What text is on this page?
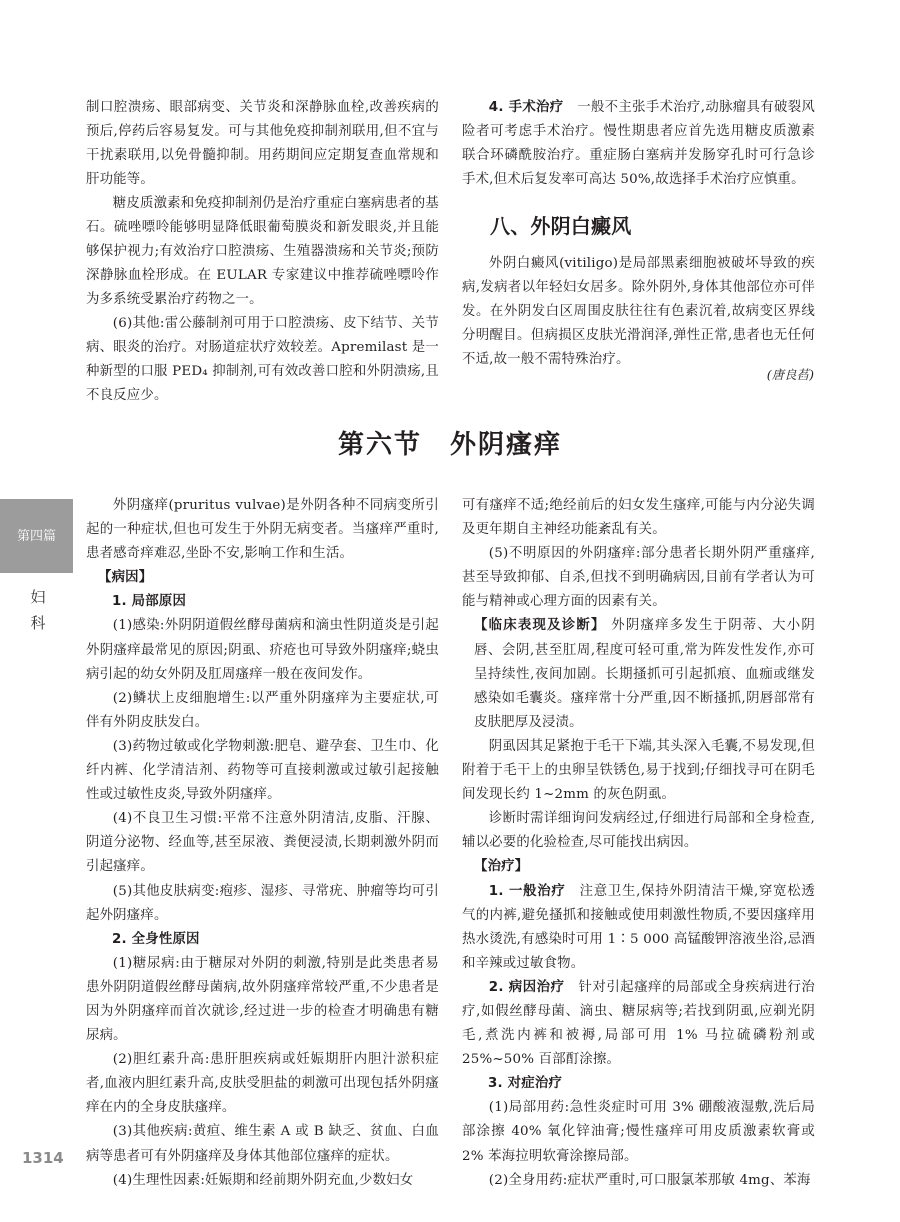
制口腔溃疡、眼部病变、关节炎和深静脉血栓,改善疾病的预后,停药后容易复发。可与其他免疫抑制剂联用,但不宜与干扰素联用,以免骨髓抑制。用药期间应定期复查血常规和肝功能等。

糖皮质激素和免疫抑制剂仍是治疗重症白塞病患者的基石。硫唑嘌呤能够明显降低眼葡萄膜炎和新发眼炎,并且能够保护视力;有效治疗口腔溃疡、生殖器溃疡和关节炎;预防深静脉血栓形成。在 EULAR 专家建议中推荐硫唑嘌呤作为多系统受累治疗药物之一。

(6)其他:雷公藤制剂可用于口腔溃疡、皮下结节、关节病、眼炎的治疗。对肠道症状疗效较差。Apremilast 是一种新型的口服 PED₄ 抑制剂,可有效改善口腔和外阴溃疡,且不良反应少。

4. 手术治疗　 一般不主张手术治疗,动脉瘤具有破裂风险者可考虑手术治疗。慢性期患者应首先选用糖皮质激素联合环磷酰胺治疗。重症肠白塞病并发肠穿孔时可行急诊手术,但术后复发率可高达 50%,故选择手术治疗应慎重。

八、外阴白癜风

外阴白癜风(vitiligo)是局部黑素细胞被破坏导致的疾病,发病者以年轻妇女居多。除外阴外,身体其他部位亦可伴发。在外阴发白区周围皮肤往往有色素沉着,故病变区界线分明醒目。但病损区皮肤光滑润泽,弹性正常,患者也无任何不适,故一般不需特殊治疗。

(唐良萏)
第六节　外阴瘙痒
第四篇
妇
科

外阴瘙痒(pruritus vulvae)是外阴各种不同病变所引起的一种症状,但也可发生于外阴无病变者。当瘙痒严重时,患者感奇痒难忍,坐卧不安,影响工作和生活。

【病因】

1. 局部原因

(1)感染:外阴阴道假丝酵母菌病和滴虫性阴道炎是引起外阴瘙痒最常见的原因;阴虱、疥疮也可导致外阴瘙痒;蛲虫病引起的幼女外阴及肛周瘙痒一般在夜间发作。

(2)鳞状上皮细胞增生:以严重外阴瘙痒为主要症状,可伴有外阴皮肤发白。

(3)药物过敏或化学物刺激:肥皂、避孕套、卫生巾、化纤内裤、化学清洁剂、药物等可直接刺激或过敏引起接触性或过敏性皮炎,导致外阴瘙痒。

(4)不良卫生习惯:平常不注意外阴清洁,皮脂、汗腺、阴道分泌物、经血等,甚至尿液、粪便浸渍,长期刺激外阴而引起瘙痒。

(5)其他皮肤病变:疱疹、湿疹、寻常疣、肿瘤等均可引起外阴瘙痒。

2. 全身性原因

(1)糖尿病:由于糖尿对外阴的刺激,特别是此类患者易患外阴阴道假丝酵母菌病,故外阴瘙痒常较严重,不少患者是因为外阴瘙痒而首次就诊,经过进一步的检查才明确患有糖尿病。

(2)胆红素升高:患肝胆疾病或妊娠期肝内胆汁淤积症者,血液内胆红素升高,皮肤受胆盐的刺激可出现包括外阴瘙痒在内的全身皮肤瘙痒。

(3)其他疾病:黄疸、维生素 A 或 B 缺乏、贫血、白血病等患者可有外阴瘙痒及身体其他部位瘙痒的症状。

(4)生理性因素:妊娠期和经前期外阴充血,少数妇女

可有瘙痒不适;绝经前后的妇女发生瘙痒,可能与内分泌失调及更年期自主神经功能紊乱有关。

(5)不明原因的外阴瘙痒:部分患者长期外阴严重瘙痒,甚至导致抑郁、自杀,但找不到明确病因,目前有学者认为可能与精神或心理方面的因素有关。

【临床表现及诊断】 外阴瘙痒多发生于阴蒂、大小阴唇、会阴,甚至肛周,程度可轻可重,常为阵发性发作,亦可呈持续性,夜间加剧。长期搔抓可引起抓痕、血痂或继发感染如毛囊炎。瘙痒常十分严重,因不断搔抓,阴唇部常有皮肤肥厚及浸渍。

阴虱因其足紧抱于毛干下端,其头深入毛囊,不易发现,但附着于毛干上的虫卵呈铁锈色,易于找到;仔细找寻可在阴毛间发现长约 1~2mm 的灰色阴虱。

诊断时需详细询问发病经过,仔细进行局部和全身检查,辅以必要的化验检查,尽可能找出病因。

【治疗】

1. 一般治疗　 注意卫生,保持外阴清洁干燥,穿宽松透气的内裤,避免搔抓和接触或使用刺激性物质,不要因瘙痒用热水烫洗,有感染时可用 1∶5 000 高锰酸钾溶液坐浴,忌酒和辛辣或过敏食物。

2. 病因治疗　 针对引起瘙痒的局部或全身疾病进行治疗,如假丝酵母菌、滴虫、糖尿病等;若找到阴虱,应剃光阴毛,煮洗内裤和被褥,局部可用 1% 马拉硫磷粉剂或 25%~50% 百部酊涂擦。

3. 对症治疗

(1)局部用药:急性炎症时可用 3% 硼酸液湿敷,洗后局部涂擦 40% 氧化锌油膏;慢性瘙痒可用皮质激素软膏或 2% 苯海拉明软膏涂擦局部。

(2)全身用药:症状严重时,可口服氯苯那敏 4mg、苯海

1314
